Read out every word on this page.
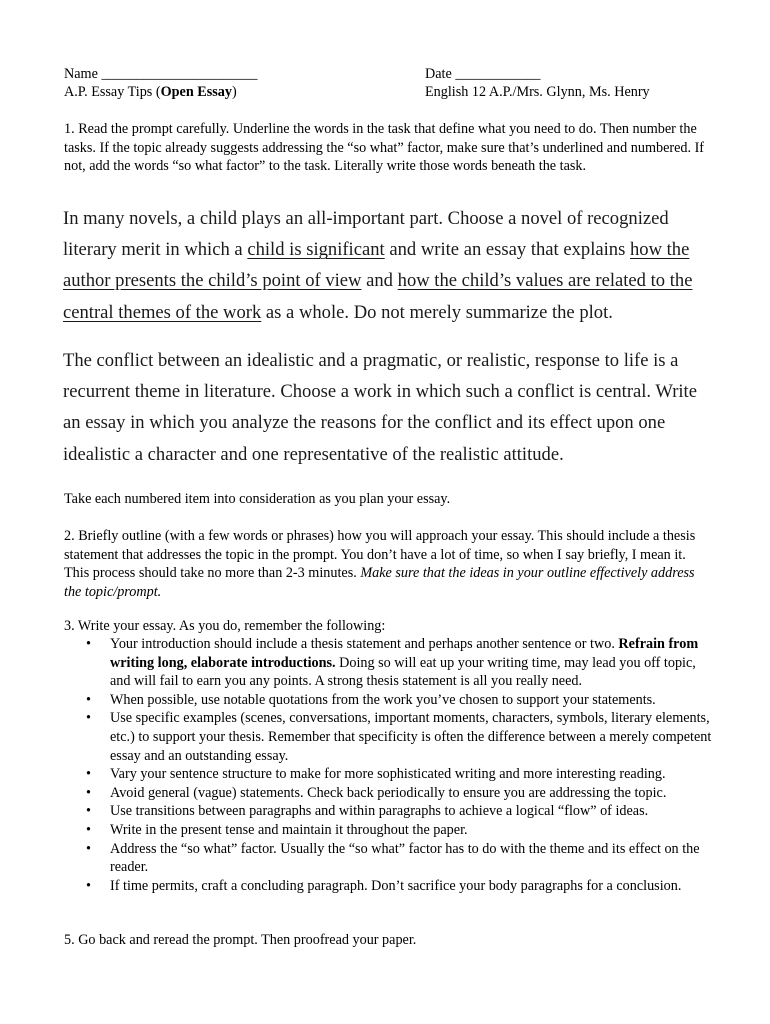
Name ______________________
A.P. Essay Tips (Open Essay)
Date ____________
English 12 A.P./Mrs. Glynn, Ms. Henry

1. Read the prompt carefully. Underline the words in the task that define what you need to do. Then number the tasks. If the topic already suggests addressing the “so what” factor, make sure that’s underlined and numbered. If not, add the words “so what factor” to the task. Literally write those words beneath the task.

In many novels, a child plays an all-important part. Choose a novel of recognized literary merit in which a child is significant and write an essay that explains how the author presents the child’s point of view and how the child’s values are related to the central themes of the work as a whole. Do not merely summarize the plot.

The conflict between an idealistic and a pragmatic, or realistic, response to life is a recurrent theme in literature. Choose a work in which such a conflict is central. Write an essay in which you analyze the reasons for the conflict and its effect upon one idealistic a character and one representative of the realistic attitude.

Take each numbered item into consideration as you plan your essay.

2. Briefly outline (with a few words or phrases) how you will approach your essay. This should include a thesis statement that addresses the topic in the prompt. You don’t have a lot of time, so when I say briefly, I mean it. This process should take no more than 2-3 minutes. Make sure that the ideas in your outline effectively address the topic/prompt.

3. Write your essay. As you do, remember the following:

• Your introduction should include a thesis statement and perhaps another sentence or two. Refrain from writing long, elaborate introductions. Doing so will eat up your writing time, may lead you off topic, and will fail to earn you any points. A strong thesis statement is all you really need.
• When possible, use notable quotations from the work you’ve chosen to support your statements.
• Use specific examples (scenes, conversations, important moments, characters, symbols, literary elements, etc.) to support your thesis. Remember that specificity is often the difference between a merely competent essay and an outstanding essay.
• Vary your sentence structure to make for more sophisticated writing and more interesting reading.
• Avoid general (vague) statements. Check back periodically to ensure you are addressing the topic.
• Use transitions between paragraphs and within paragraphs to achieve a logical “flow” of ideas.
• Write in the present tense and maintain it throughout the paper.
• Address the “so what” factor. Usually the “so what” factor has to do with the theme and its effect on the reader.
• If time permits, craft a concluding paragraph. Don’t sacrifice your body paragraphs for a conclusion.

5. Go back and reread the prompt. Then proofread your paper.
